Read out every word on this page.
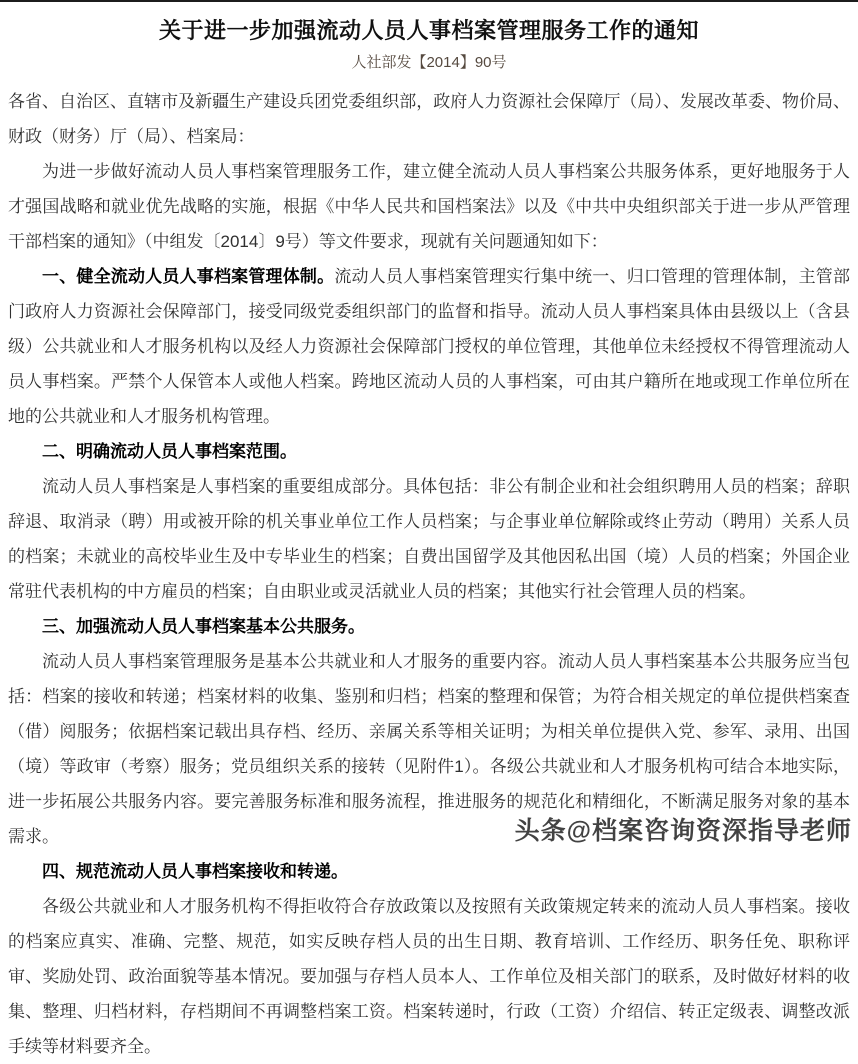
关于进一步加强流动人员人事档案管理服务工作的通知
人社部发【2014】90号

各省、自治区、直辖市及新疆生产建设兵团党委组织部，政府人力资源社会保障厅（局）、发展改革委、物价局、财政（财务）厅（局）、档案局：

为进一步做好流动人员人事档案管理服务工作，建立健全流动人员人事档案公共服务体系，更好地服务于人才强国战略和就业优先战略的实施，根据《中华人民共和国档案法》以及《中共中央组织部关于进一步从严管理干部档案的通知》（中组发〔2014〕9号）等文件要求，现就有关问题通知如下：

一、健全流动人员人事档案管理体制。流动人员人事档案管理实行集中统一、归口管理的管理体制，主管部门政府人力资源社会保障部门，接受同级党委组织部门的监督和指导。流动人员人事档案具体由县级以上（含县级）公共就业和人才服务机构以及经人力资源社会保障部门授权的单位管理，其他单位未经授权不得管理流动人员人事档案。严禁个人保管本人或他人档案。跨地区流动人员的人事档案，可由其户籍所在地或现工作单位所在地的公共就业和人才服务机构管理。

二、明确流动人员人事档案范围。

流动人员人事档案是人事档案的重要组成部分。具体包括：非公有制企业和社会组织聘用人员的档案；辞职辞退、取消录（聘）用或被开除的机关事业单位工作人员档案；与企事业单位解除或终止劳动（聘用）关系人员的档案；未就业的高校毕业生及中专毕业生的档案；自费出国留学及其他因私出国（境）人员的档案；外国企业常驻代表机构的中方雇员的档案；自由职业或灵活就业人员的档案；其他实行社会管理人员的档案。

三、加强流动人员人事档案基本公共服务。

流动人员人事档案管理服务是基本公共就业和人才服务的重要内容。流动人员人事档案基本公共服务应当包括：档案的接收和转递；档案材料的收集、鉴别和归档；档案的整理和保管；为符合相关规定的单位提供档案查（借）阅服务；依据档案记载出具存档、经历、亲属关系等相关证明；为相关单位提供入党、参军、录用、出国（境）等政审（考察）服务；党员组织关系的接转（见附件1）。各级公共就业和人才服务机构可结合本地实际，进一步拓展公共服务内容。要完善服务标准和服务流程，推进服务的规范化和精细化，不断满足服务对象的基本需求。

四、规范流动人员人事档案接收和转递。

各级公共就业和人才服务机构不得拒收符合存放政策以及按照有关政策规定转来的流动人员人事档案。接收的档案应真实、准确、完整、规范，如实反映存档人员的出生日期、教育培训、工作经历、职务任免、职称评审、奖励处罚、政治面貌等基本情况。要加强与存档人员本人、工作单位及相关部门的联系，及时做好材料的收集、整理、归档材料，存档期间不再调整档案工资。档案转递时，行政（工资）介绍信、转正定级表、调整改派手续等材料要齐全。

头条@档案咨询资深指导老师
